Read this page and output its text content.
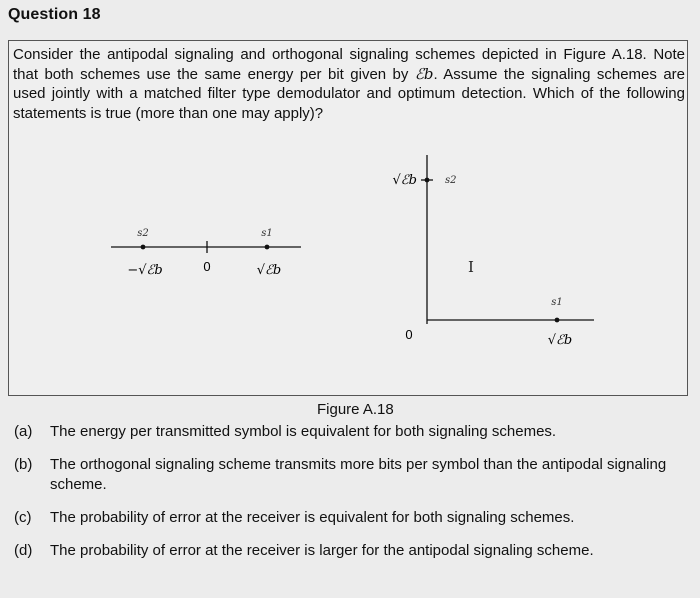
Question 18
Consider the antipodal signaling and orthogonal signaling schemes depicted in Figure A.18. Note that both schemes use the same energy per bit given by ℰb. Assume the signaling schemes are used jointly with a matched filter type demodulator and optimum detection. Which of the following statements is true (more than one may apply)?
s2	s1
−√ℰb	0	√ℰb
s2
s1
√ℰb
0	√ℰb
I
Figure A.18
(a)	The energy per transmitted symbol is equivalent for both signaling schemes.
(b)	The orthogonal signaling scheme transmits more bits per symbol than the antipodal signaling scheme.
(c)	The probability of error at the receiver is equivalent for both signaling schemes.
(d)	The probability of error at the receiver is larger for the antipodal signaling scheme.
